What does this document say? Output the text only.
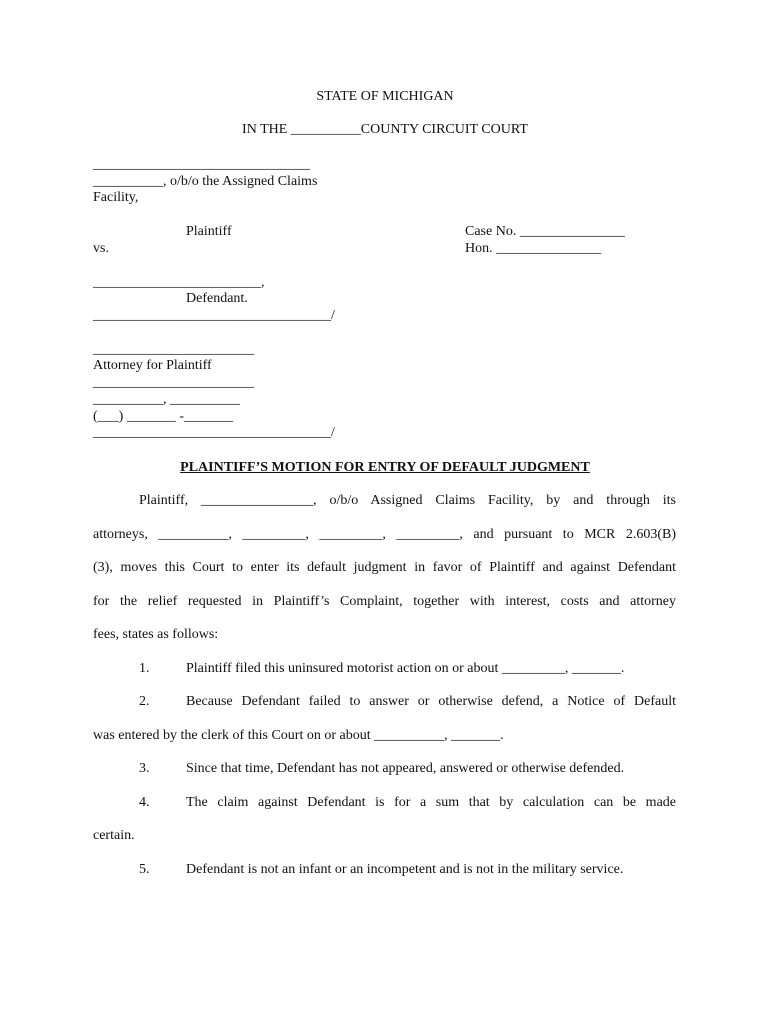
STATE OF MICHIGAN
IN THE __________COUNTY CIRCUIT COURT
_______________________________
__________, o/b/o the Assigned Claims
Facility,
Plaintiff	Case No. _______________
vs.	Hon. _______________
________________________,
Defendant.
__________________________________/
_______________________
Attorney for Plaintiff
_______________________
__________, __________
(___) _______ -_______
__________________________________/
PLAINTIFF’S MOTION FOR ENTRY OF DEFAULT JUDGMENT
Plaintiff, ________________, o/b/o Assigned Claims Facility, by and through its
attorneys, __________, _________, _________, _________, and pursuant to MCR 2.603(B)
(3), moves this Court to enter its default judgment in favor of Plaintiff and against Defendant
for the relief requested in Plaintiff’s Complaint, together with interest, costs and attorney
fees, states as follows:
1.	Plaintiff filed this uninsured motorist action on or about _________, _______.
2.	Because Defendant failed to answer or otherwise defend, a Notice of Default
was entered by the clerk of this Court on or about __________, _______.
3.	Since that time, Defendant has not appeared, answered or otherwise defended.
4.	The claim against Defendant is for a sum that by calculation can be made
certain.
5.	Defendant is not an infant or an incompetent and is not in the military service.
